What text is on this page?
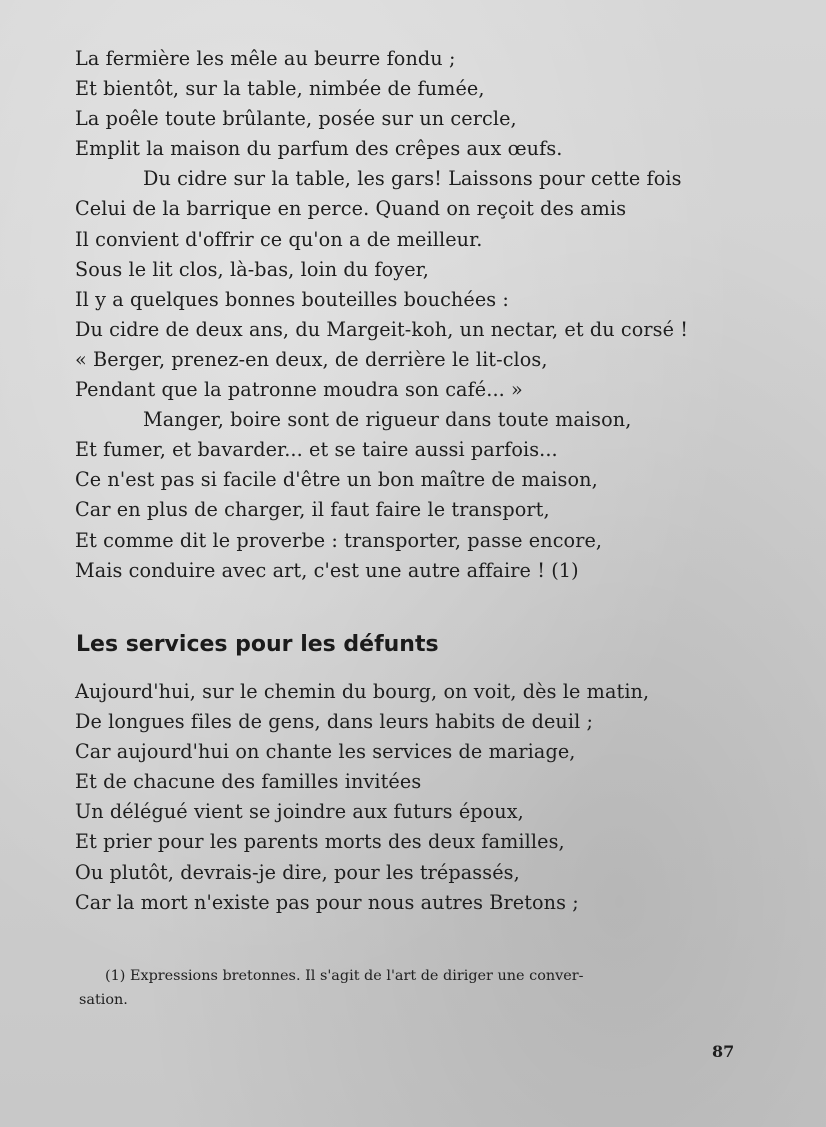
La fermière les mêle au beurre fondu ;
Et bientôt, sur la table, nimbée de fumée,
La poêle toute brûlante, posée sur un cercle,
Emplit la maison du parfum des crêpes aux œufs.
Du cidre sur la table, les gars! Laissons pour cette fois
Celui de la barrique en perce. Quand on reçoit des amis
Il convient d'offrir ce qu'on a de meilleur.
Sous le lit clos, là-bas, loin du foyer,
Il y a quelques bonnes bouteilles bouchées :
Du cidre de deux ans, du Margeit-koh, un nectar, et du corsé !
« Berger, prenez-en deux, de derrière le lit-clos,
Pendant que la patronne moudra son café... »
Manger, boire sont de rigueur dans toute maison,
Et fumer, et bavarder... et se taire aussi parfois...
Ce n'est pas si facile d'être un bon maître de maison,
Car en plus de charger, il faut faire le transport,
Et comme dit le proverbe : transporter, passe encore,
Mais conduire avec art, c'est une autre affaire ! (1)
Les services pour les défunts
Aujourd'hui, sur le chemin du bourg, on voit, dès le matin,
De longues files de gens, dans leurs habits de deuil ;
Car aujourd'hui on chante les services de mariage,
Et de chacune des familles invitées
Un délégué vient se joindre aux futurs époux,
Et prier pour les parents morts des deux familles,
Ou plutôt, devrais-je dire, pour les trépassés,
Car la mort n'existe pas pour nous autres Bretons ;
(1) Expressions bretonnes. Il s'agit de l'art de diriger une conver-
sation.
87
